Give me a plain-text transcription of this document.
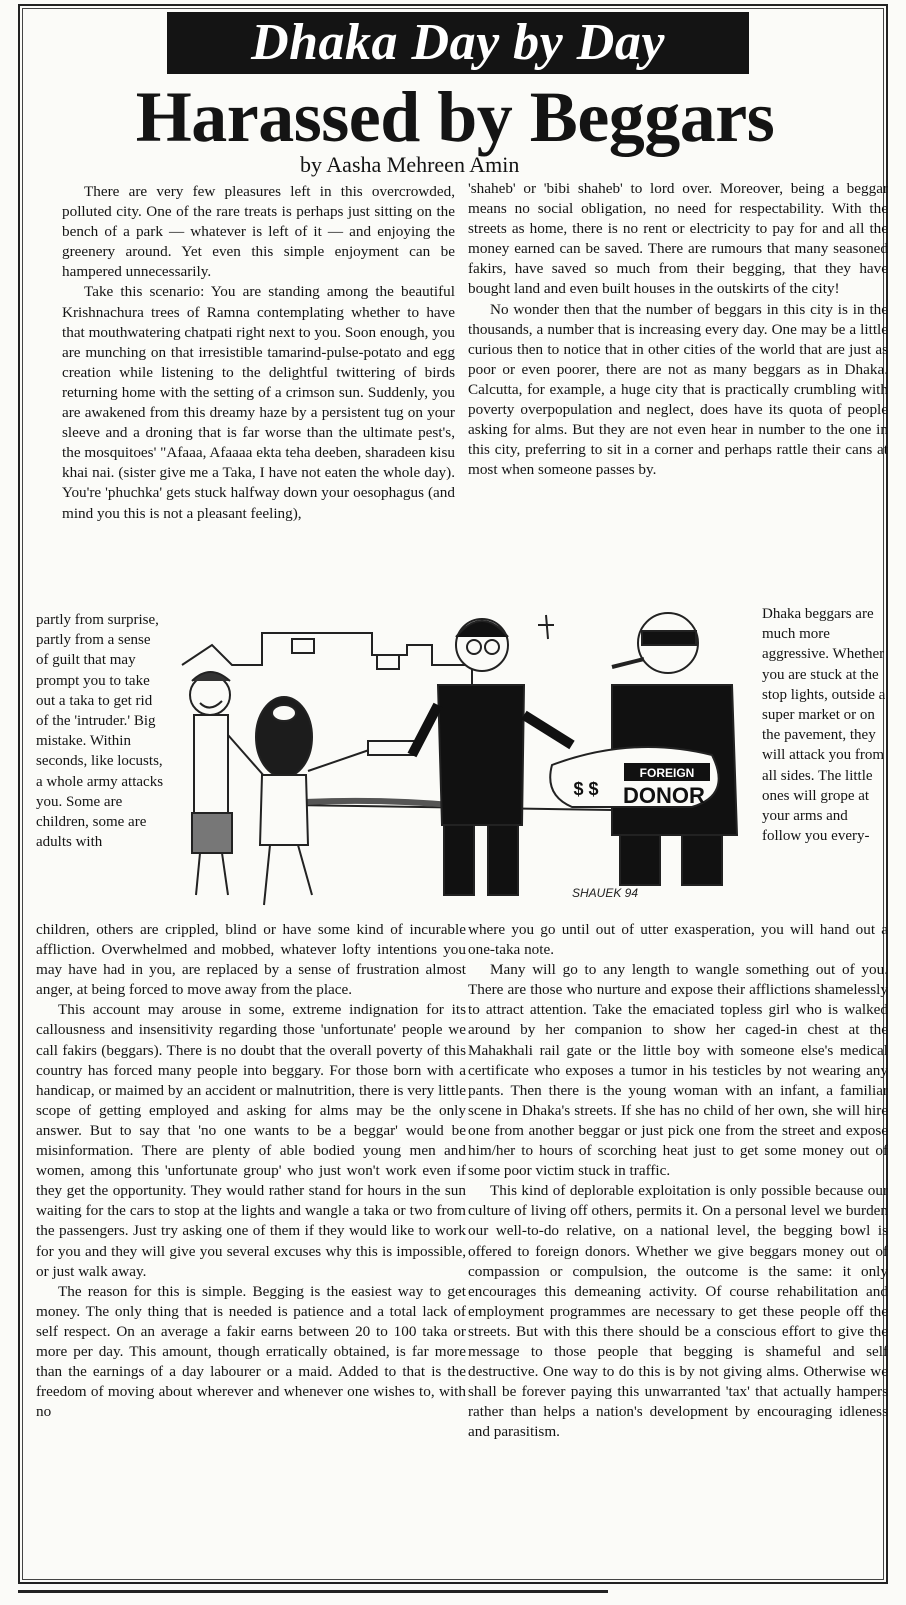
Dhaka Day by Day
Harassed by Beggars
by Aasha Mehreen Amin

There are very few pleasures left in this overcrowded, polluted city. One of the rare treats is perhaps just sitting on the bench of a park — whatever is left of it — and enjoying the greenery around. Yet even this simple enjoyment can be hampered unnecessarily.

Take this scenario: You are standing among the beautiful Krishnachura trees of Ramna contemplating whether to have that mouthwatering chatpati right next to you. Soon enough, you are munching on that irresistible tamarind-pulse-potato and egg creation while listening to the delightful twittering of birds returning home with the setting of a crimson sun. Suddenly, you are awakened from this dreamy haze by a persistent tug on your sleeve and a droning that is far worse than the ultimate pest's, the mosquitoes' "Afaaa, Afaaaa ekta teha deeben, sharadeen kisu khai nai. (sister give me a Taka, I have not eaten the whole day). You're 'phuchka' gets stuck halfway down your oesophagus (and mind you this is not a pleasant feeling),

'shaheb' or 'bibi shaheb' to lord over. Moreover, being a beggar means no social obligation, no need for respectability. With the streets as home, there is no rent or electricity to pay for and all the money earned can be saved. There are rumours that many seasoned fakirs, have saved so much from their begging, that they have bought land and even built houses in the outskirts of the city!

No wonder then that the number of beggars in this city is in the thousands, a number that is increasing every day. One may be a little curious then to notice that in other cities of the world that are just as poor or even poorer, there are not as many beggars as in Dhaka. Calcutta, for example, a huge city that is practically crumbling with poverty overpopulation and neglect, does have its quota of people asking for alms. But they are not even hear in number to the one in this city, preferring to sit in a corner and perhaps rattle their cans at most when someone passes by.

partly from surprise, partly from a sense of guilt that may prompt you to take out a taka to get rid of the 'intruder.' Big mistake. Within seconds, like locusts, a whole army attacks you. Some are children, some are adults with

FOREIGN
DONOR
$ $
SHAUEK 94

Dhaka beggars are much more aggressive. Whether you are stuck at the stop lights, outside a super market or on the pavement, they will attack you from all sides. The little ones will grope at your arms and follow you every-

children, others are crippled, blind or have some kind of incurable affliction. Overwhelmed and mobbed, whatever lofty intentions you may have had in you, are replaced by a sense of frustration almost anger, at being forced to move away from the place.

This account may arouse in some, extreme indignation for its callousness and insensitivity regarding those 'unfortunate' people we call fakirs (beggars). There is no doubt that the overall poverty of this country has forced many people into beggary. For those born with a handicap, or maimed by an accident or malnutrition, there is very little scope of getting employed and asking for alms may be the only answer. But to say that 'no one wants to be a beggar' would be misinformation. There are plenty of able bodied young men and women, among this 'unfortunate group' who just won't work even if they get the opportunity. They would rather stand for hours in the sun waiting for the cars to stop at the lights and wangle a taka or two from the passengers. Just try asking one of them if they would like to work for you and they will give you several excuses why this is impossible, or just walk away.

The reason for this is simple. Begging is the easiest way to get money. The only thing that is needed is patience and a total lack of self respect. On an average a fakir earns between 20 to 100 taka or more per day. This amount, though erratically obtained, is far more than the earnings of a day labourer or a maid. Added to that is the freedom of moving about wherever and whenever one wishes to, with no

where you go until out of utter exasperation, you will hand out a one-taka note.

Many will go to any length to wangle something out of you. There are those who nurture and expose their afflictions shamelessly to attract attention. Take the emaciated topless girl who is walked around by her companion to show her caged-in chest at the Mahakhali rail gate or the little boy with someone else's medical certificate who exposes a tumor in his testicles by not wearing any pants. Then there is the young woman with an infant, a familiar scene in Dhaka's streets. If she has no child of her own, she will hire one from another beggar or just pick one from the street and expose him/her to hours of scorching heat just to get some money out of some poor victim stuck in traffic.

This kind of deplorable exploitation is only possible because our culture of living off others, permits it. On a personal level we burden our well-to-do relative, on a national level, the begging bowl is offered to foreign donors. Whether we give beggars money out of compassion or compulsion, the outcome is the same: it only encourages this demeaning activity. Of course rehabilitation and employment programmes are necessary to get these people off the streets. But with this there should be a conscious effort to give the message to those people that begging is shameful and self destructive. One way to do this is by not giving alms. Otherwise we shall be forever paying this unwarranted 'tax' that actually hampers rather than helps a nation's development by encouraging idleness and parasitism.
